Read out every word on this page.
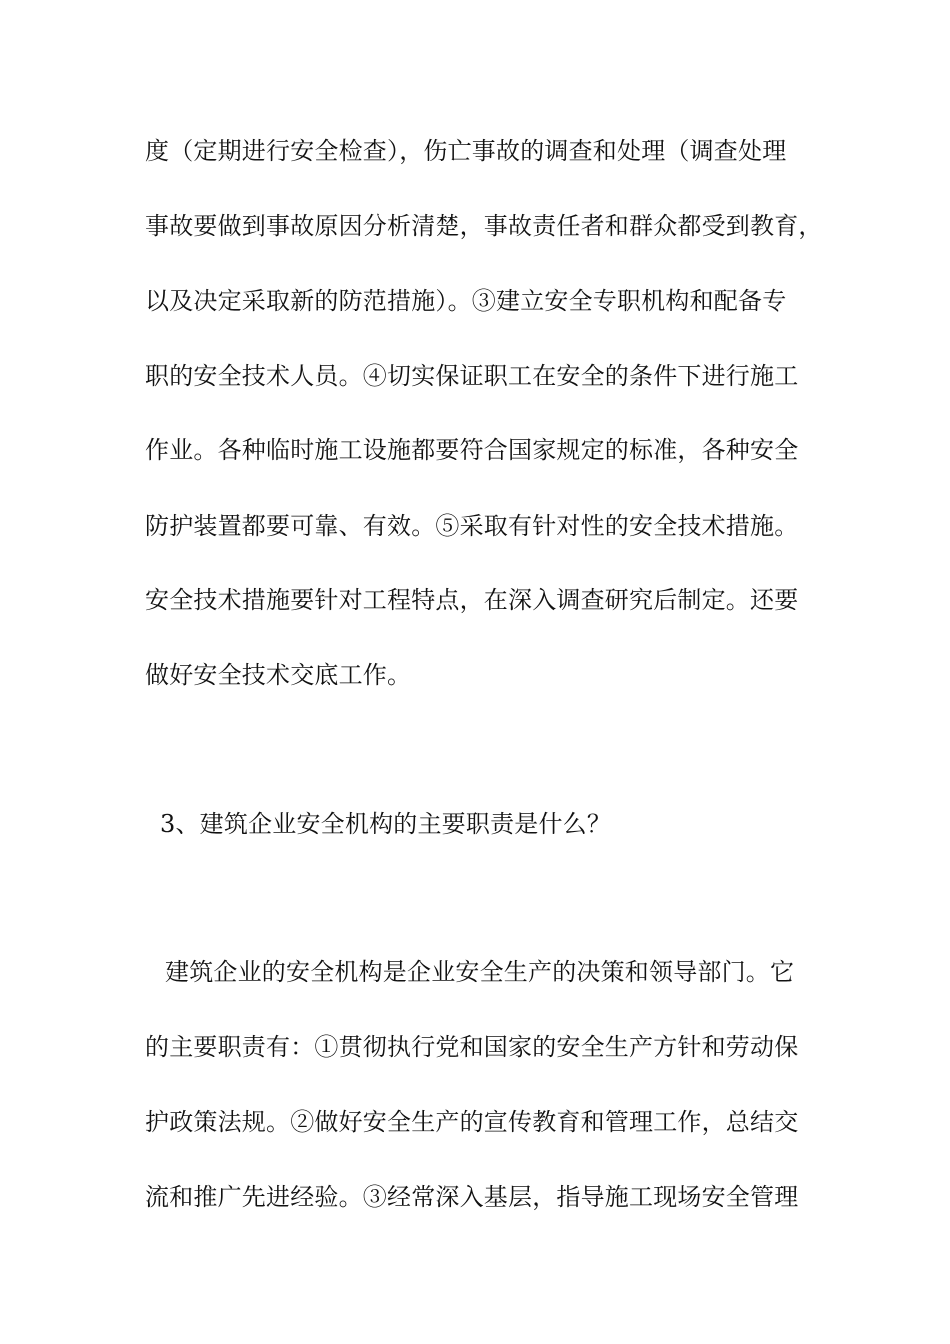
度（定期进行安全检查），伤亡事故的调查和处理（调查处理
事故要做到事故原因分析清楚，事故责任者和群众都受到教育，
以及决定采取新的防范措施）。③建立安全专职机构和配备专
职的安全技术人员。④切实保证职工在安全的条件下进行施工
作业。各种临时施工设施都要符合国家规定的标准，各种安全
防护装置都要可靠、有效。⑤采取有针对性的安全技术措施。
安全技术措施要针对工程特点，在深入调查研究后制定。还要
做好安全技术交底工作。
3、建筑企业安全机构的主要职责是什么？
建筑企业的安全机构是企业安全生产的决策和领导部门。它
的主要职责有：①贯彻执行党和国家的安全生产方针和劳动保
护政策法规。②做好安全生产的宣传教育和管理工作，总结交
流和推广先进经验。③经常深入基层，指导施工现场安全管理
